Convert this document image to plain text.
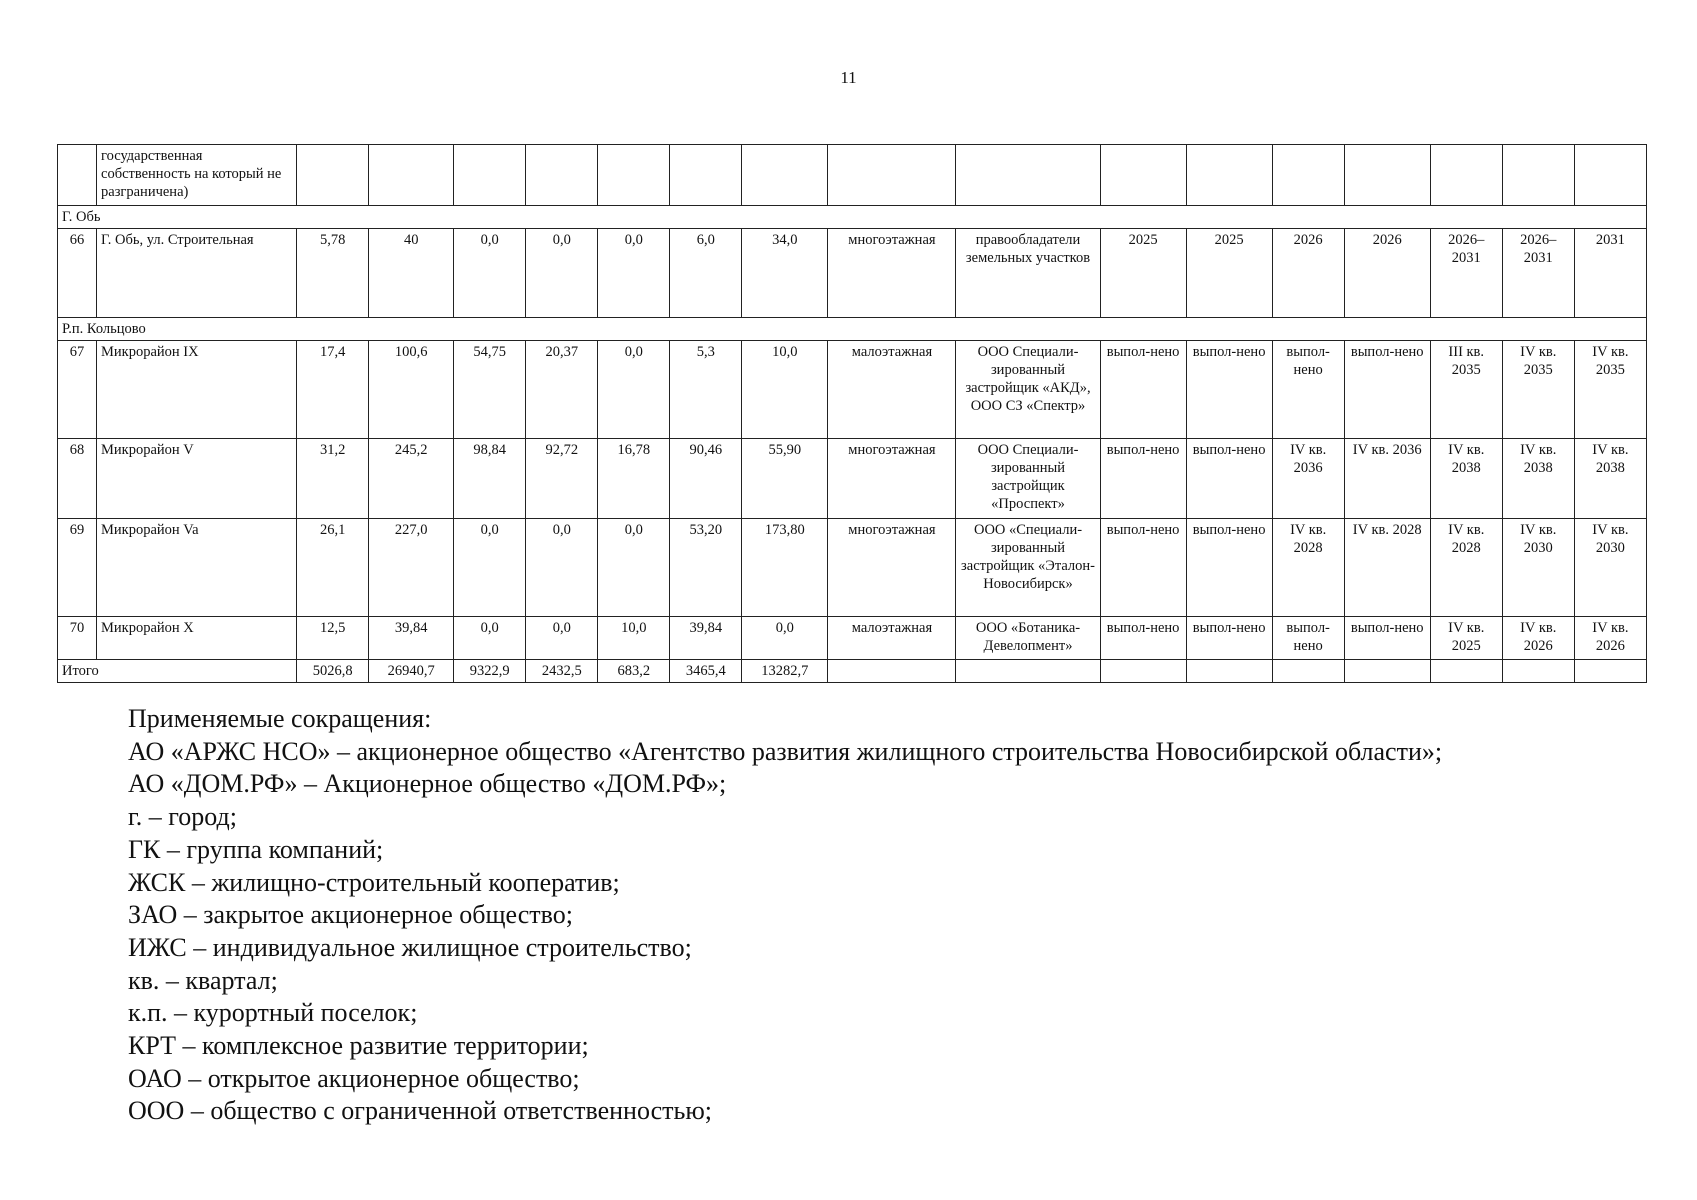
11
	государственная собственность на который не разграничена)																
Г. Обь																	
66	Г. Обь, ул. Строительная	5,78	40	0,0	0,0	0,0	6,0	34,0	многоэтажная	правообладатели земельных участков	2025	2025	2026	2026	2026–2031	2026–2031	2031
Р.п. Кольцово																	
67	Микрорайон IX	17,4	100,6	54,75	20,37	0,0	5,3	10,0	малоэтажная	ООО Специали-зированный застройщик «АКД», ООО СЗ «Спектр»	выпол-нено	выпол-нено	выпол-нено	выпол-нено	III кв. 2035	IV кв. 2035	IV кв. 2035
68	Микрорайон V	31,2	245,2	98,84	92,72	16,78	90,46	55,90	многоэтажная	ООО Специали-зированный застройщик «Проспект»	выпол-нено	выпол-нено	IV кв. 2036	IV кв. 2036	IV кв. 2038	IV кв. 2038	IV кв. 2038
69	Микрорайон Va	26,1	227,0	0,0	0,0	0,0	53,20	173,80	многоэтажная	ООО «Специали-зированный застройщик «Эталон-Новосибирск»	выпол-нено	выпол-нено	IV кв. 2028	IV кв. 2028	IV кв. 2028	IV кв. 2030	IV кв. 2030
70	Микрорайон X	12,5	39,84	0,0	0,0	10,0	39,84	0,0	малоэтажная	ООО «Ботаника-Девелопмент»	выпол-нено	выпол-нено	выпол-нено	выпол-нено	IV кв. 2025	IV кв. 2026	IV кв. 2026
Итого		5026,8	26940,7	9322,9	2432,5	683,2	3465,4	13282,7									
Применяемые сокращения:
АО «АРЖС НСО» – акционерное общество «Агентство развития жилищного строительства Новосибирской области»;
АО «ДОМ.РФ» – Акционерное общество «ДОМ.РФ»;
г. – город;
ГК – группа компаний;
ЖСК – жилищно-строительный кооператив;
ЗАО – закрытое акционерное общество;
ИЖС – индивидуальное жилищное строительство;
кв. – квартал;
к.п. – курортный поселок;
КРТ – комплексное развитие территории;
ОАО – открытое акционерное общество;
ООО – общество с ограниченной ответственностью;
